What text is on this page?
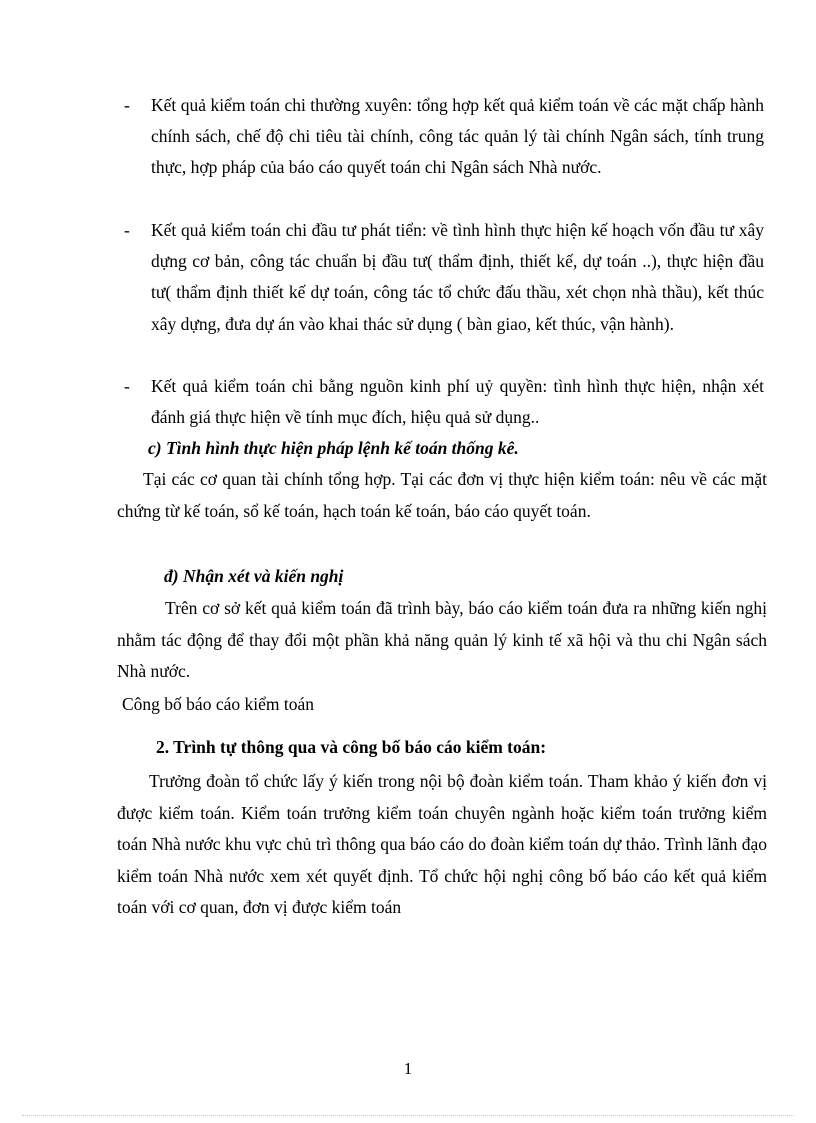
- Kết quả kiểm toán chi thường xuyên: tổng hợp kết quả kiểm toán về các mặt chấp hành chính sách, chế độ chi tiêu tài chính, công tác quản lý tài chính Ngân sách, tính trung thực, hợp pháp của báo cáo quyết toán chi Ngân sách Nhà nước.
- Kết quả kiểm toán chi đầu tư phát tiển: về tình hình thực hiện kế hoạch vốn đầu tư xây dựng cơ bản, công tác chuẩn bị đầu tư( thẩm định, thiết kế, dự toán ..), thực hiện đầu tư( thẩm định thiết kế dự toán, công tác tổ chức đấu thầu, xét chọn nhà thầu), kết thúc xây dựng, đưa dự án vào khai thác sử dụng ( bàn giao, kết thúc, vận hành).
- Kết quả kiểm toán chi bằng nguồn kinh phí uỷ quyền: tình hình thực hiện, nhận xét đánh giá thực hiện về tính mục đích, hiệu quả sử dụng..
c) Tình hình thực hiện pháp lệnh kế toán thống kê.
Tại các cơ quan tài chính tổng hợp. Tại các đơn vị thực hiện kiểm toán: nêu về các mặt chứng từ kế toán, sổ kế toán, hạch toán kế toán, báo cáo quyết toán.
đ) Nhận xét và kiến nghị
Trên cơ sở kết quả kiểm toán đã trình bày, báo cáo kiểm toán đưa ra những kiến nghị nhằm tác động để thay đổi một phần khả năng quản lý kinh tế xã hội và thu chi Ngân sách Nhà nước.
Công bố báo cáo kiểm toán
2. Trình tự thông qua và công bố báo cáo kiểm toán:
Trưởng đoàn tổ chức lấy ý kiến trong nội bộ đoàn kiểm toán. Tham khảo ý kiến đơn vị được kiểm toán. Kiểm toán trưởng kiểm toán chuyên ngành hoặc kiểm toán trưởng kiểm toán Nhà nước khu vực chủ trì thông qua báo cáo do đoàn kiểm toán dự thảo. Trình lãnh đạo kiểm toán Nhà nước xem xét quyết định. Tổ chức hội nghị công bố báo cáo kết quả kiểm toán với cơ quan, đơn vị được kiểm toán
1
